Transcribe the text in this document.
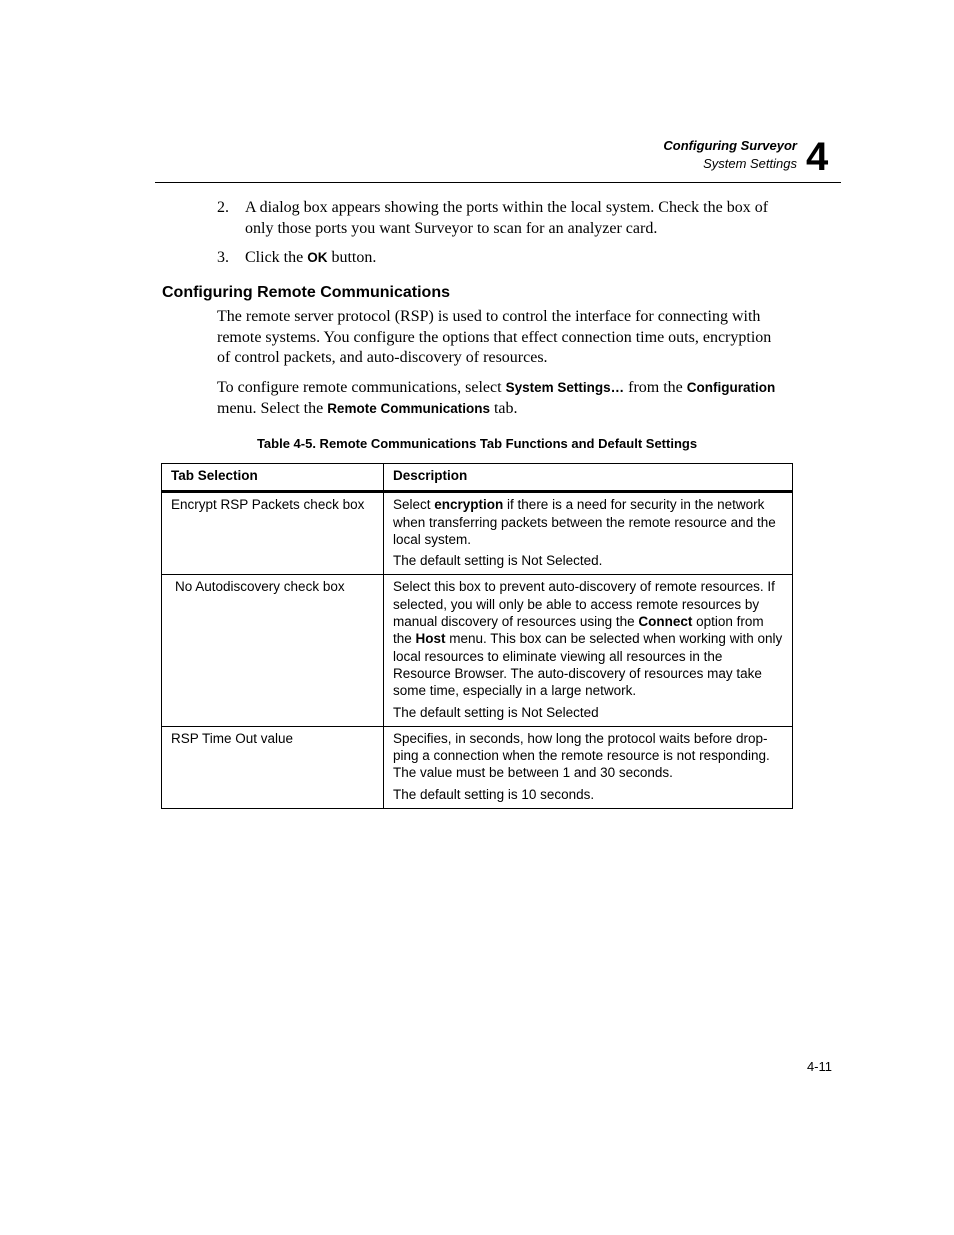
Configuring Surveyor
System Settings 4
2. A dialog box appears showing the ports within the local system. Check the box of only those ports you want Surveyor to scan for an analyzer card.
3. Click the OK button.
Configuring Remote Communications
The remote server protocol (RSP) is used to control the interface for connecting with remote systems. You configure the options that effect connection time outs, encryption of control packets, and auto-discovery of resources.
To configure remote communications, select System Settings… from the Configuration menu. Select the Remote Communications tab.
Table 4-5. Remote Communications Tab Functions and Default Settings
Tab Selection	Description
Encrypt RSP Packets check box	Select encryption if there is a need for security in the network when transferring packets between the remote resource and the local system.
The default setting is Not Selected.

No Autodiscovery check box	Select this box to prevent auto-discovery of remote resources. If selected, you will only be able to access remote resources by manual discovery of resources using the Connect option from the Host menu. This box can be selected when working with only local resources to eliminate viewing all resources in the Resource Browser. The auto-discovery of resources may take some time, especially in a large network.
The default setting is Not Selected

RSP Time Out value	Specifies, in seconds, how long the protocol waits before drop-ping a connection when the remote resource is not responding. The value must be between 1 and 30 seconds.
The default setting is 10 seconds.
4-11
